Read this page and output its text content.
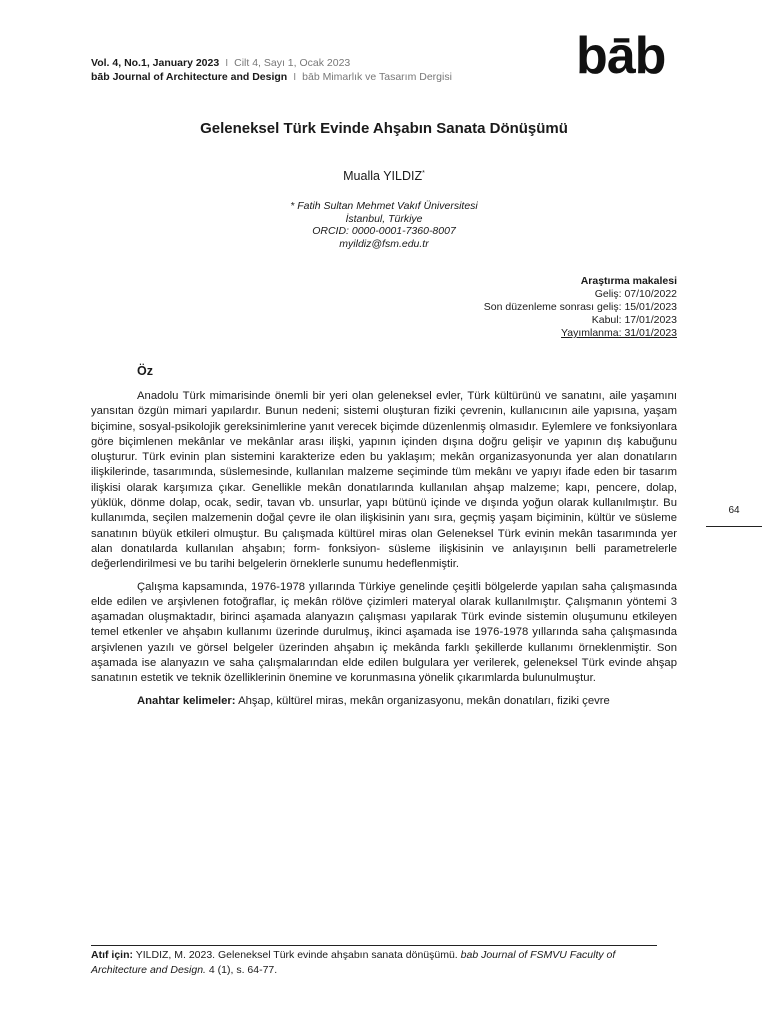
Vol. 4, No.1, January 2023 I Cilt 4, Sayı 1, Ocak 2023
bāb Journal of Architecture and Design I bāb Mimarlık ve Tasarım Dergisi bāb
Geleneksel Türk Evinde Ahşabın Sanata Dönüşümü
Mualla YILDIZ*
* Fatih Sultan Mehmet Vakıf Üniversitesi
İstanbul, Türkiye
ORCID: 0000-0001-7360-8007
myildiz@fsm.edu.tr
Araştırma makalesi
Geliş: 07/10/2022
Son düzenleme sonrası geliş: 15/01/2023
Kabul: 17/01/2023
Yayımlanma: 31/01/2023
Öz

Anadolu Türk mimarisinde önemli bir yeri olan geleneksel evler, Türk kültürünü ve sanatını, aile yaşamını yansıtan özgün mimari yapılardır. Bunun nedeni; sistemi oluşturan fiziki çevrenin, kullanıcının aile yapısına, yaşam biçimine, sosyal-psikolojik gereksinimlerine yanıt verecek biçimde düzenlenmiş olmasıdır. Eylemlere ve fonksiyonlara göre biçimlenen mekânlar ve mekânlar arası ilişki, yapının içinden dışına doğru gelişir ve yapının dış kabuğunu oluşturur. Türk evinin plan sistemini karakterize eden bu yaklaşım; mekân organizasyonunda yer alan donatıların ilişkilerinde, tasarımında, süslemesinde, kullanılan malzeme seçiminde tüm mekânı ve yapıyı ifade eden bir tasarım ilişkisi olarak karşımıza çıkar. Genellikle mekân donatılarında kullanılan ahşap malzeme; kapı, pencere, dolap, yüklük, dönme dolap, ocak, sedir, tavan vb. unsurlar, yapı bütünü içinde ve dışında yoğun olarak kullanılmıştır. Bu kullanımda, seçilen malzemenin doğal çevre ile olan ilişkisinin yanı sıra, geçmiş yaşam biçiminin, kültür ve süsleme sanatının büyük etkileri olmuştur. Bu çalışmada kültürel miras olan Geleneksel Türk evinin mekân tasarımında yer alan donatılarda kullanılan ahşabın; form- fonksiyon- süsleme ilişkisinin ve anlayışının belli parametrelerle değerlendirilmesi ve bu tarihi belgelerin örneklerle sunumu hedeflenmiştir.

Çalışma kapsamında, 1976-1978 yıllarında Türkiye genelinde çeşitli bölgelerde yapılan saha çalışmasında elde edilen ve arşivlenen fotoğraflar, iç mekân rölöve çizimleri materyal olarak kullanılmıştır. Çalışmanın yöntemi 3 aşamadan oluşmaktadır, birinci aşamada alanyazın çalışması yapılarak Türk evinde sistemin oluşumunu etkileyen temel etkenler ve ahşabın kullanımı üzerinde durulmuş, ikinci aşamada ise 1976-1978 yıllarında saha çalışmasında arşivlenen yazılı ve görsel belgeler üzerinden ahşabın iç mekânda farklı şekillerde kullanımı örneklenmiştir. Son aşamada ise alanyazın ve saha çalışmalarından elde edilen bulgulara yer verilerek, geleneksel Türk evinde ahşap sanatının estetik ve teknik özelliklerinin önemine ve korunmasına yönelik çıkarımlarda bulunulmuştur.

Anahtar kelimeler: Ahşap, kültürel miras, mekân organizasyonu, mekân donatıları, fiziki çevre

64
Atıf için: YILDIZ, M. 2023. Geleneksel Türk evinde ahşabın sanata dönüşümü. bab Journal of FSMVU Faculty of Architecture and Design. 4 (1), s. 64-77.
